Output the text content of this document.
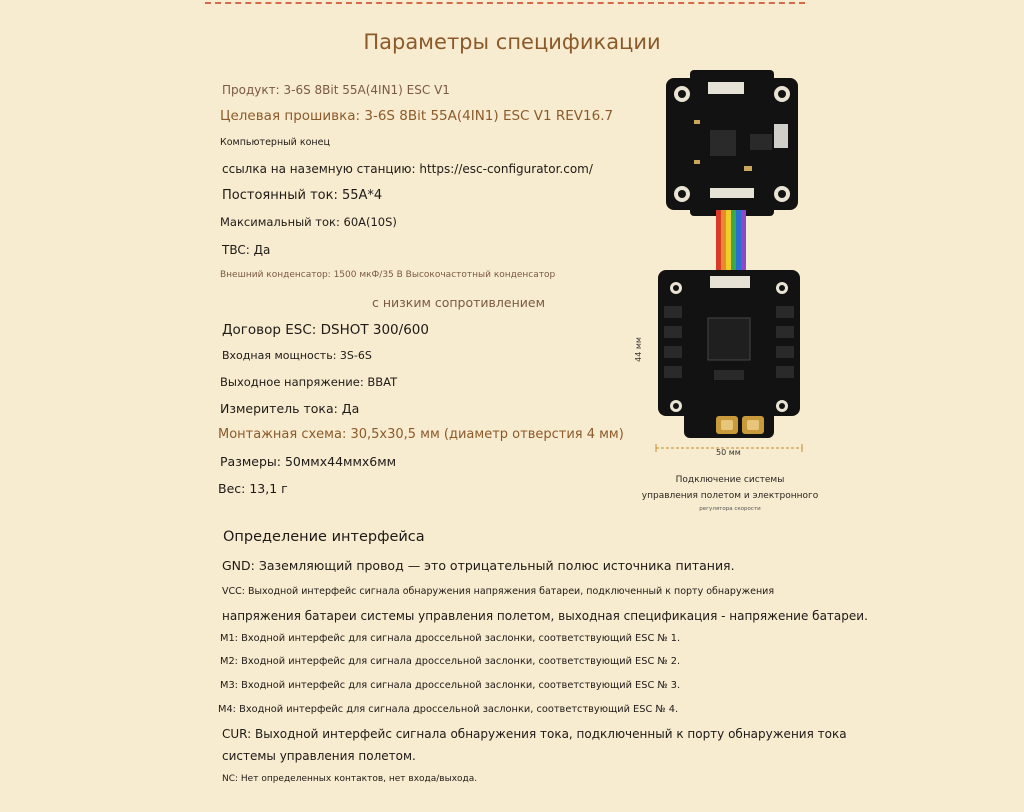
Параметры спецификации
Продукт: 3-6S 8Bit 55A(4IN1) ESC V1
Целевая прошивка: 3-6S 8Bit 55A(4IN1) ESC V1 REV16.7
Компьютерный конец
ссылка на наземную станцию: https://esc-configurator.com/
Постоянный ток: 55A*4
Максимальный ток: 60A(10S)
TBC: Да
Внешний конденсатор: 1500 мкФ/35 В Высокочастотный конденсатор
с низким сопротивлением
Договор ESC: DSHOT 300/600
Входная мощность: 3S-6S
Выходное напряжение: BBAT
Измеритель тока: Да
Монтажная схема: 30,5x30,5 мм (диаметр отверстия 4 мм)
Размеры: 50ммx44ммx6мм
Вес: 13,1 г
44 мм
50 мм
Подключение системы
управления полетом и электронного
регулятора скорости
Определение интерфейса
GND: Заземляющий провод — это отрицательный полюс источника питания.
VCC: Выходной интерфейс сигнала обнаружения напряжения батареи, подключенный к порту обнаружения
напряжения батареи системы управления полетом, выходная спецификация - напряжение батареи.
M1: Входной интерфейс для сигнала дроссельной заслонки, соответствующий ESC № 1.
M2: Входной интерфейс для сигнала дроссельной заслонки, соответствующий ESC № 2.
M3: Входной интерфейс для сигнала дроссельной заслонки, соответствующий ESC № 3.
M4: Входной интерфейс для сигнала дроссельной заслонки, соответствующий ESC № 4.
CUR: Выходной интерфейс сигнала обнаружения тока, подключенный к порту обнаружения тока
системы управления полетом.
NC: Нет определенных контактов, нет входа/выхода.
